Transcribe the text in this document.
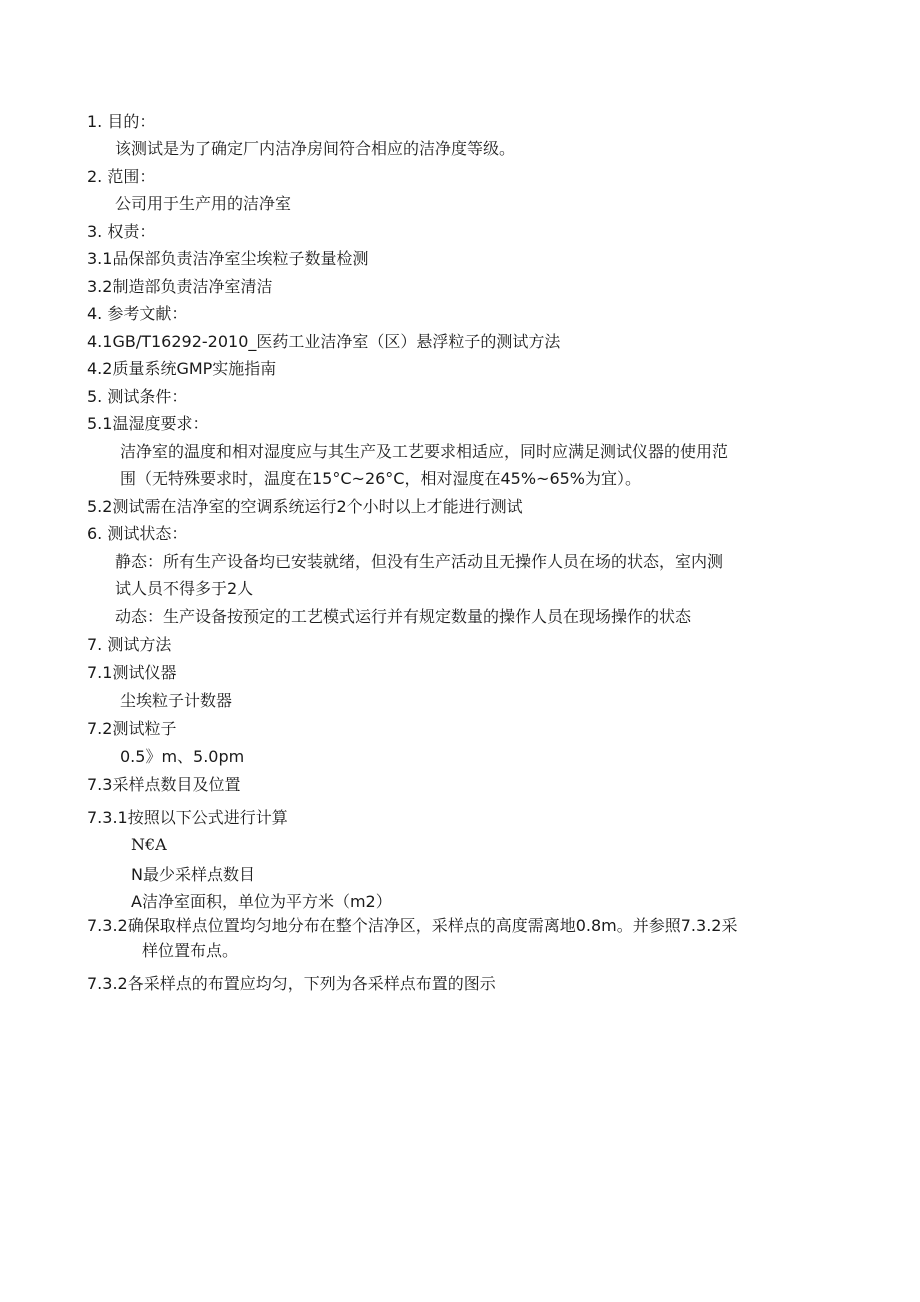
1. 目的：
该测试是为了确定厂内洁净房间符合相应的洁净度等级。
2. 范围：
公司用于生产用的洁净室
3. 权责：
3.1品保部负责洁净室尘埃粒子数量检测
3.2制造部负责洁净室清洁
4. 参考文献：
4.1GB/T16292-2010_医药工业洁净室（区）悬浮粒子的测试方法
4.2质量系统GMP实施指南
5. 测试条件：
5.1温湿度要求：
洁净室的温度和相对湿度应与其生产及工艺要求相适应，同时应满足测试仪器的使用范
围（无特殊要求时，温度在15°C~26°C，相对湿度在45%~65%为宜）。
5.2测试需在洁净室的空调系统运行2个小时以上才能进行测试
6. 测试状态：
静态：所有生产设备均已安装就绪，但没有生产活动且无操作人员在场的状态，室内测
试人员不得多于2人
动态：生产设备按预定的工艺模式运行并有规定数量的操作人员在现场操作的状态
7. 测试方法
7.1测试仪器
尘埃粒子计数器
7.2测试粒子
0.5》m、5.0pm
7.3采样点数目及位置
7.3.1按照以下公式进行计算
N€A
N最少采样点数目
A洁净室面积，单位为平方米（m2）
7.3.2确保取样点位置均匀地分布在整个洁净区，采样点的高度需离地0.8m。并参照7.3.2采
样位置布点。
7.3.2各采样点的布置应均匀，下列为各采样点布置的图示
